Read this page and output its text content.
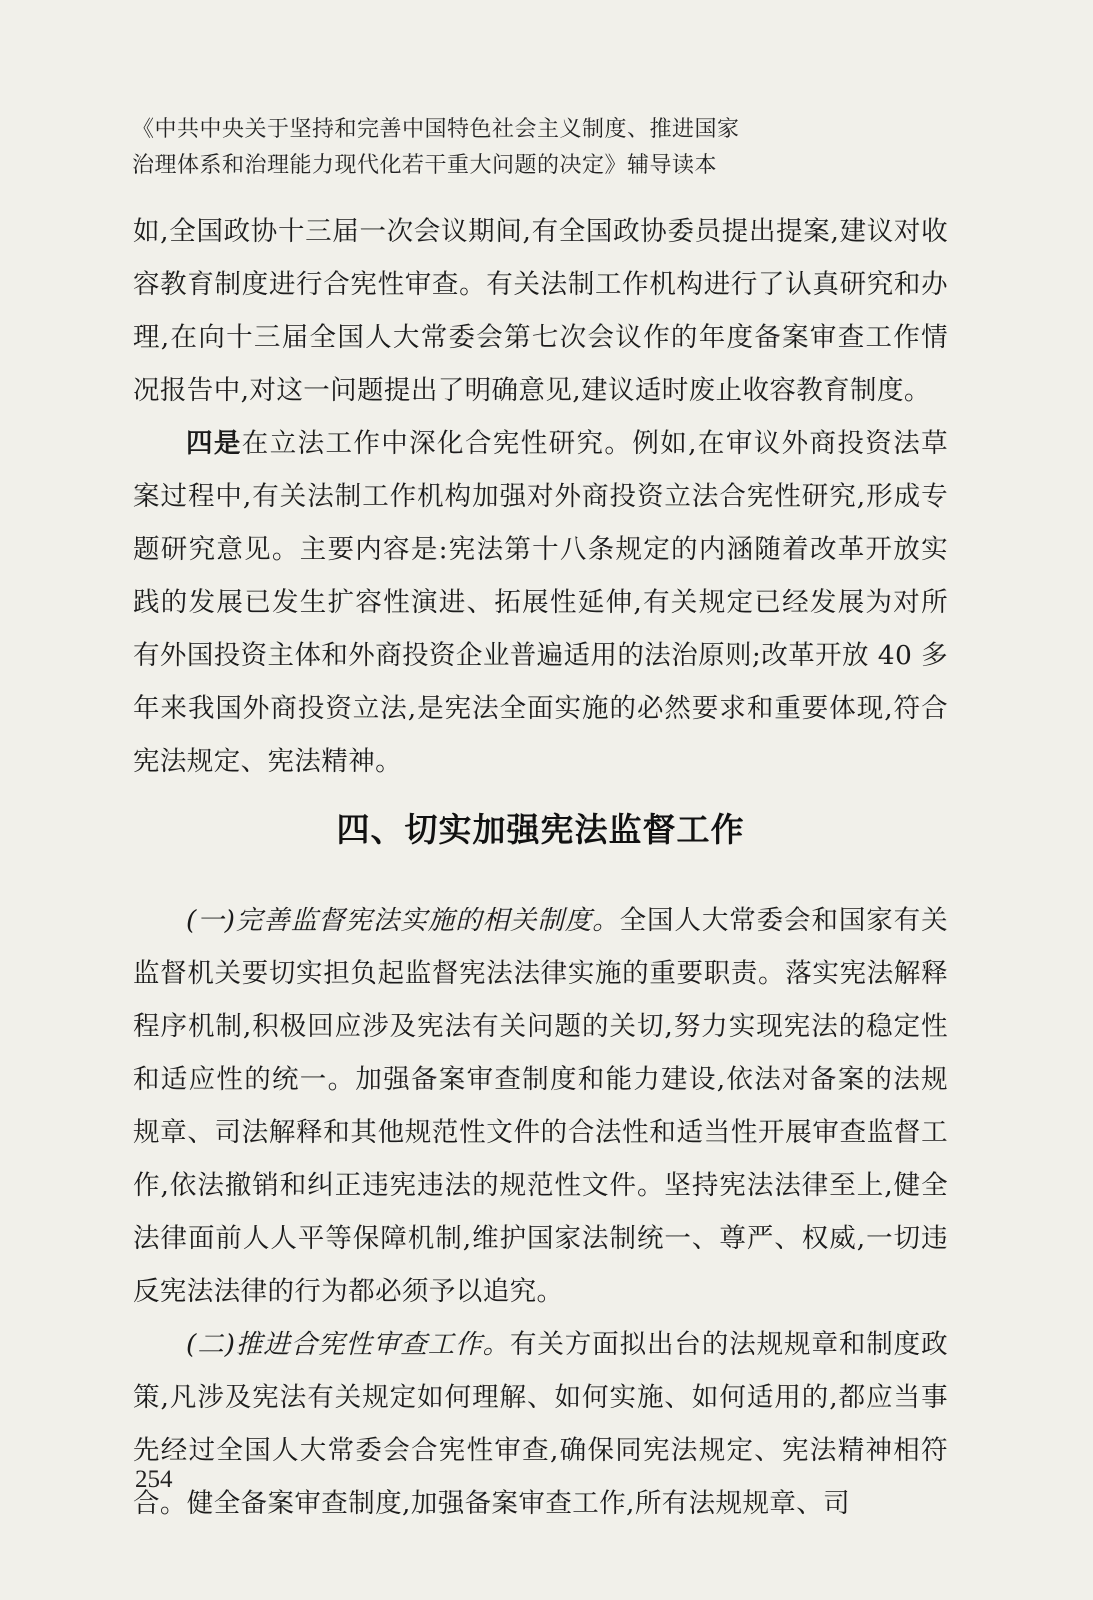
《中共中央关于坚持和完善中国特色社会主义制度、推进国家
治理体系和治理能力现代化若干重大问题的决定》辅导读本

如,全国政协十三届一次会议期间,有全国政协委员提出提案,建议对收容教育制度进行合宪性审查。有关法制工作机构进行了认真研究和办理,在向十三届全国人大常委会第七次会议作的年度备案审查工作情况报告中,对这一问题提出了明确意见,建议适时废止收容教育制度。

四是在立法工作中深化合宪性研究。例如,在审议外商投资法草案过程中,有关法制工作机构加强对外商投资立法合宪性研究,形成专题研究意见。主要内容是:宪法第十八条规定的内涵随着改革开放实践的发展已发生扩容性演进、拓展性延伸,有关规定已经发展为对所有外国投资主体和外商投资企业普遍适用的法治原则;改革开放 40 多年来我国外商投资立法,是宪法全面实施的必然要求和重要体现,符合宪法规定、宪法精神。

四、切实加强宪法监督工作

(一)完善监督宪法实施的相关制度。全国人大常委会和国家有关监督机关要切实担负起监督宪法法律实施的重要职责。落实宪法解释程序机制,积极回应涉及宪法有关问题的关切,努力实现宪法的稳定性和适应性的统一。加强备案审查制度和能力建设,依法对备案的法规规章、司法解释和其他规范性文件的合法性和适当性开展审查监督工作,依法撤销和纠正违宪违法的规范性文件。坚持宪法法律至上,健全法律面前人人平等保障机制,维护国家法制统一、尊严、权威,一切违反宪法法律的行为都必须予以追究。

(二)推进合宪性审查工作。有关方面拟出台的法规规章和制度政策,凡涉及宪法有关规定如何理解、如何实施、如何适用的,都应当事先经过全国人大常委会合宪性审查,确保同宪法规定、宪法精神相符合。健全备案审查制度,加强备案审查工作,所有法规规章、司

254
